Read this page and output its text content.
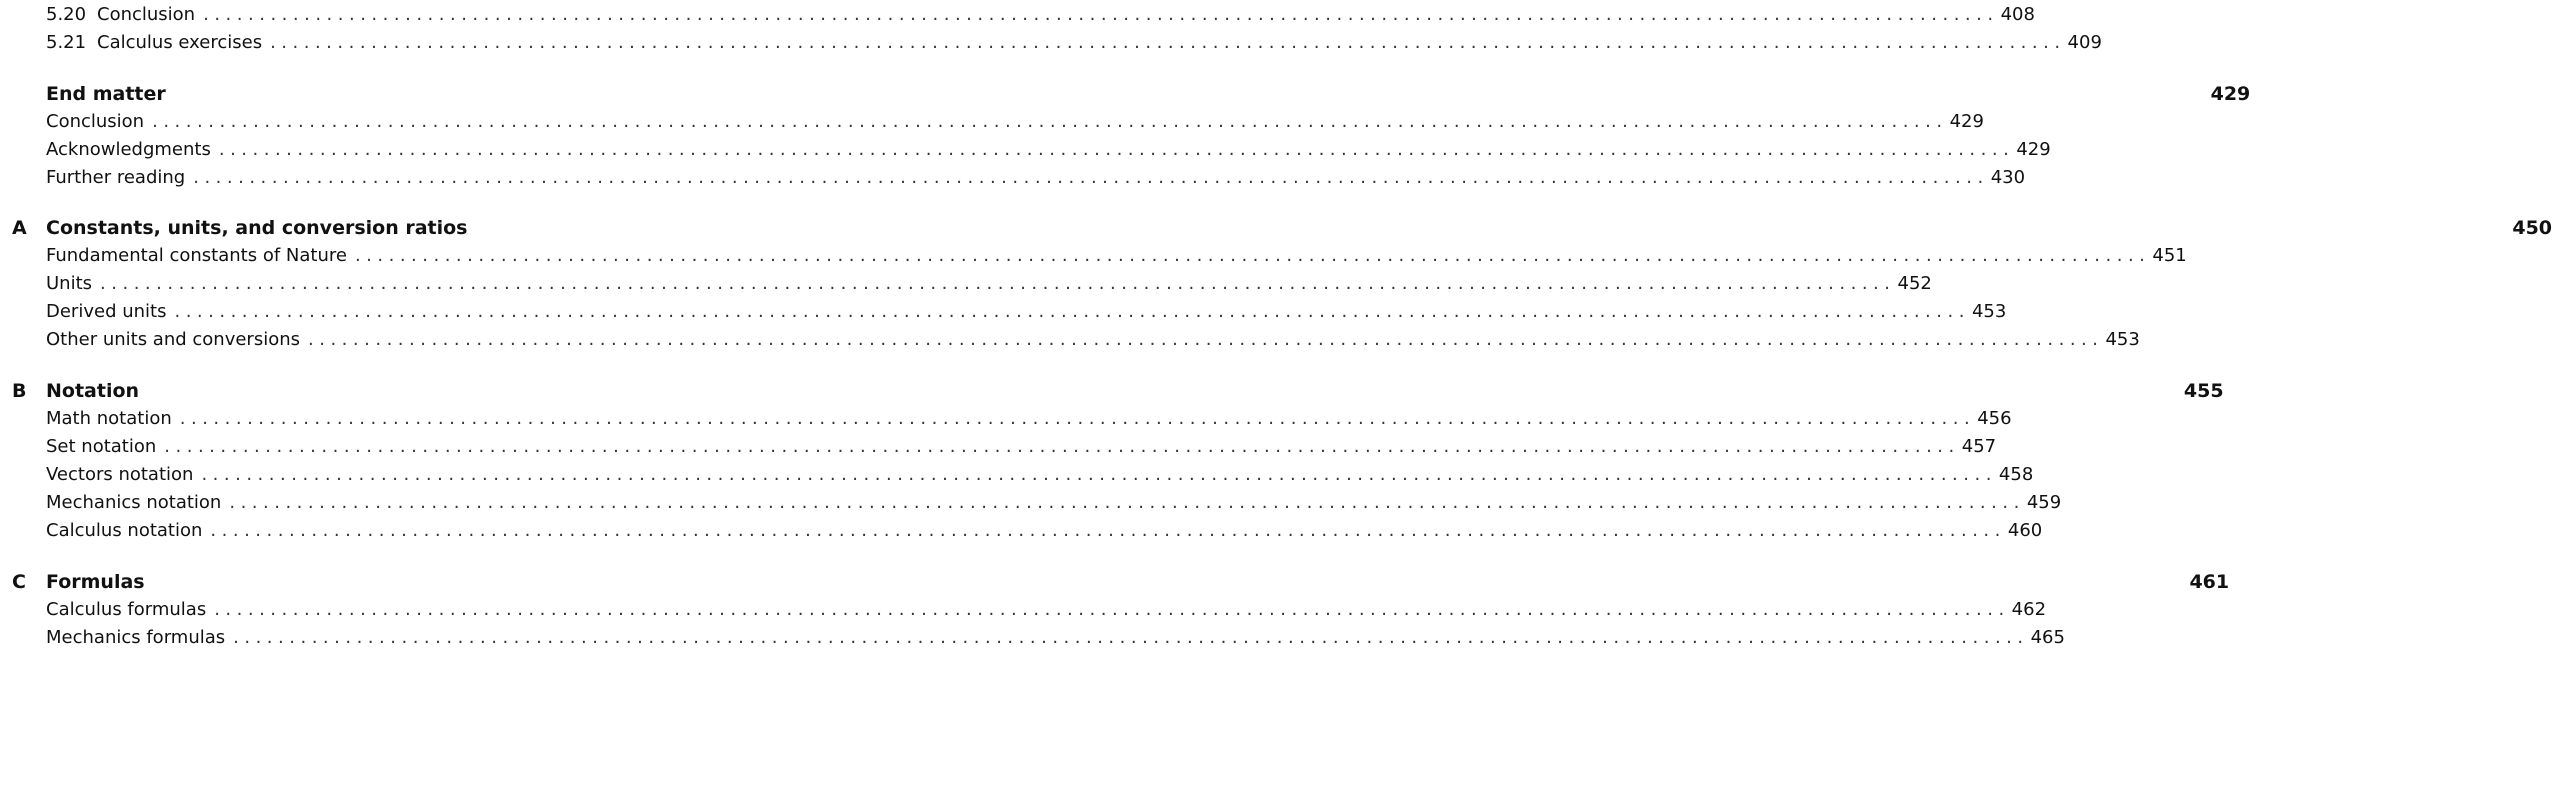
5.20 Conclusion ................................................................................................................................................................ 408
5.21 Calculus exercises ................................................................................................................................................................ 409
End matter	429
Conclusion ................................................................................................................................................................ 429
Acknowledgments ................................................................................................................................................................ 429
Further reading ................................................................................................................................................................ 430
A	Constants, units, and conversion ratios	450
Fundamental constants of Nature ................................................................................................................................................................ 451
Units ................................................................................................................................................................ 452
Derived units ................................................................................................................................................................ 453
Other units and conversions ................................................................................................................................................................ 453
B	Notation	455
Math notation ................................................................................................................................................................ 456
Set notation ................................................................................................................................................................ 457
Vectors notation ................................................................................................................................................................ 458
Mechanics notation ................................................................................................................................................................ 459
Calculus notation ................................................................................................................................................................ 460
C	Formulas	461
Calculus formulas ................................................................................................................................................................ 462
Mechanics formulas ................................................................................................................................................................ 465
